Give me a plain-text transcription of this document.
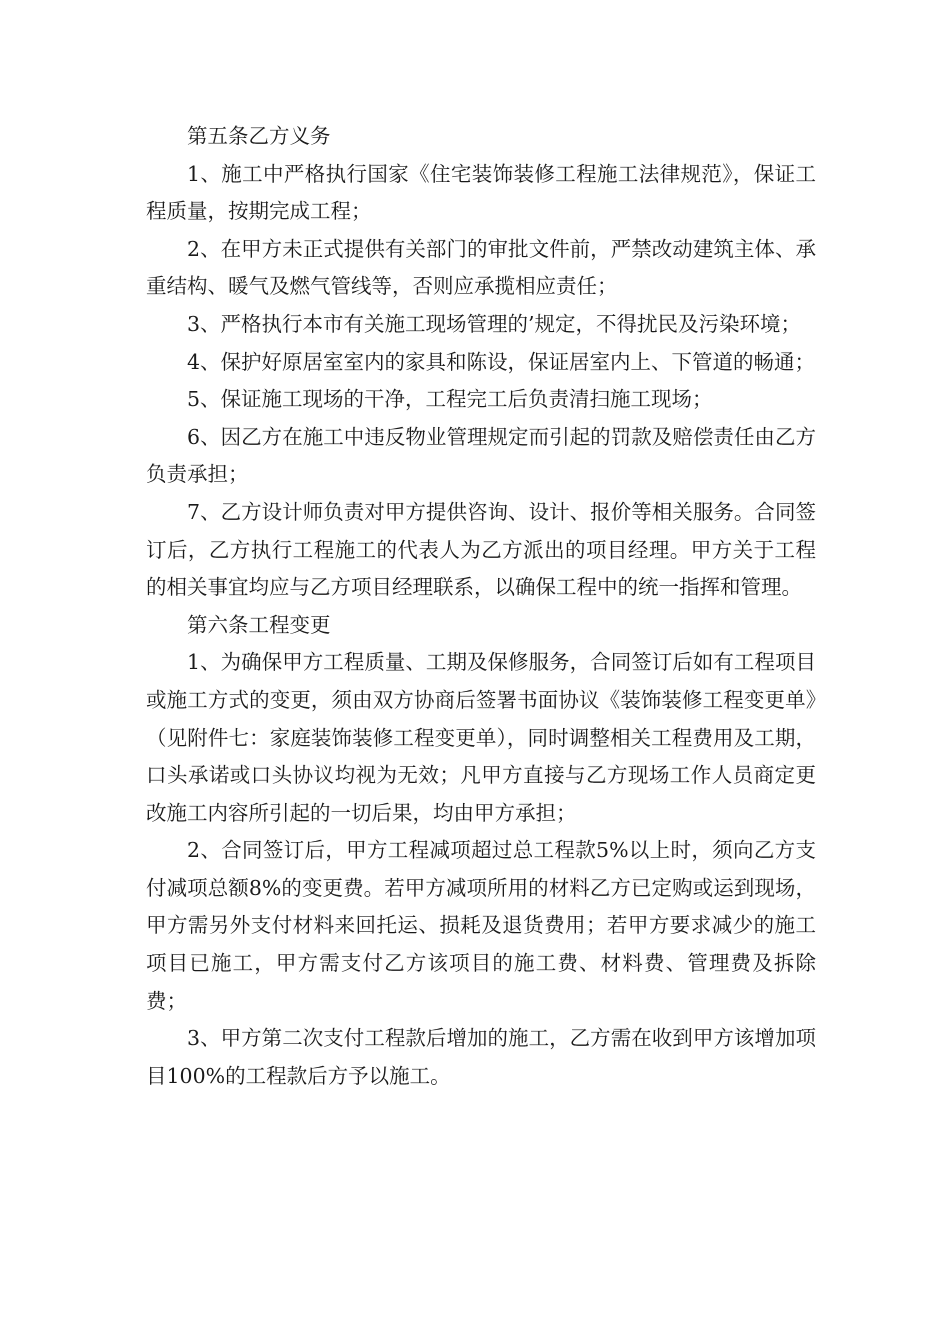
第五条乙方义务

1、施工中严格执行国家《住宅装饰装修工程施工法律规范》，保证工程质量，按期完成工程；

2、在甲方未正式提供有关部门的审批文件前，严禁改动建筑主体、承重结构、暖气及燃气管线等，否则应承揽相应责任；

3、严格执行本市有关施工现场管理的’规定，不得扰民及污染环境；

4、保护好原居室室内的家具和陈设，保证居室内上、下管道的畅通；

5、保证施工现场的干净，工程完工后负责清扫施工现场；

6、因乙方在施工中违反物业管理规定而引起的罚款及赔偿责任由乙方负责承担；

7、乙方设计师负责对甲方提供咨询、设计、报价等相关服务。合同签订后，乙方执行工程施工的代表人为乙方派出的项目经理。甲方关于工程的相关事宜均应与乙方项目经理联系，以确保工程中的统一指挥和管理。

第六条工程变更

1、为确保甲方工程质量、工期及保修服务，合同签订后如有工程项目或施工方式的变更，须由双方协商后签署书面协议《装饰装修工程变更单》（见附件七：家庭装饰装修工程变更单），同时调整相关工程费用及工期，口头承诺或口头协议均视为无效；凡甲方直接与乙方现场工作人员商定更改施工内容所引起的一切后果，均由甲方承担；

2、合同签订后，甲方工程减项超过总工程款5%以上时，须向乙方支付减项总额8%的变更费。若甲方减项所用的材料乙方已定购或运到现场，甲方需另外支付材料来回托运、损耗及退货费用；若甲方要求减少的施工项目已施工，甲方需支付乙方该项目的施工费、材料费、管理费及拆除费；

3、甲方第二次支付工程款后增加的施工，乙方需在收到甲方该增加项目100%的工程款后方予以施工。
